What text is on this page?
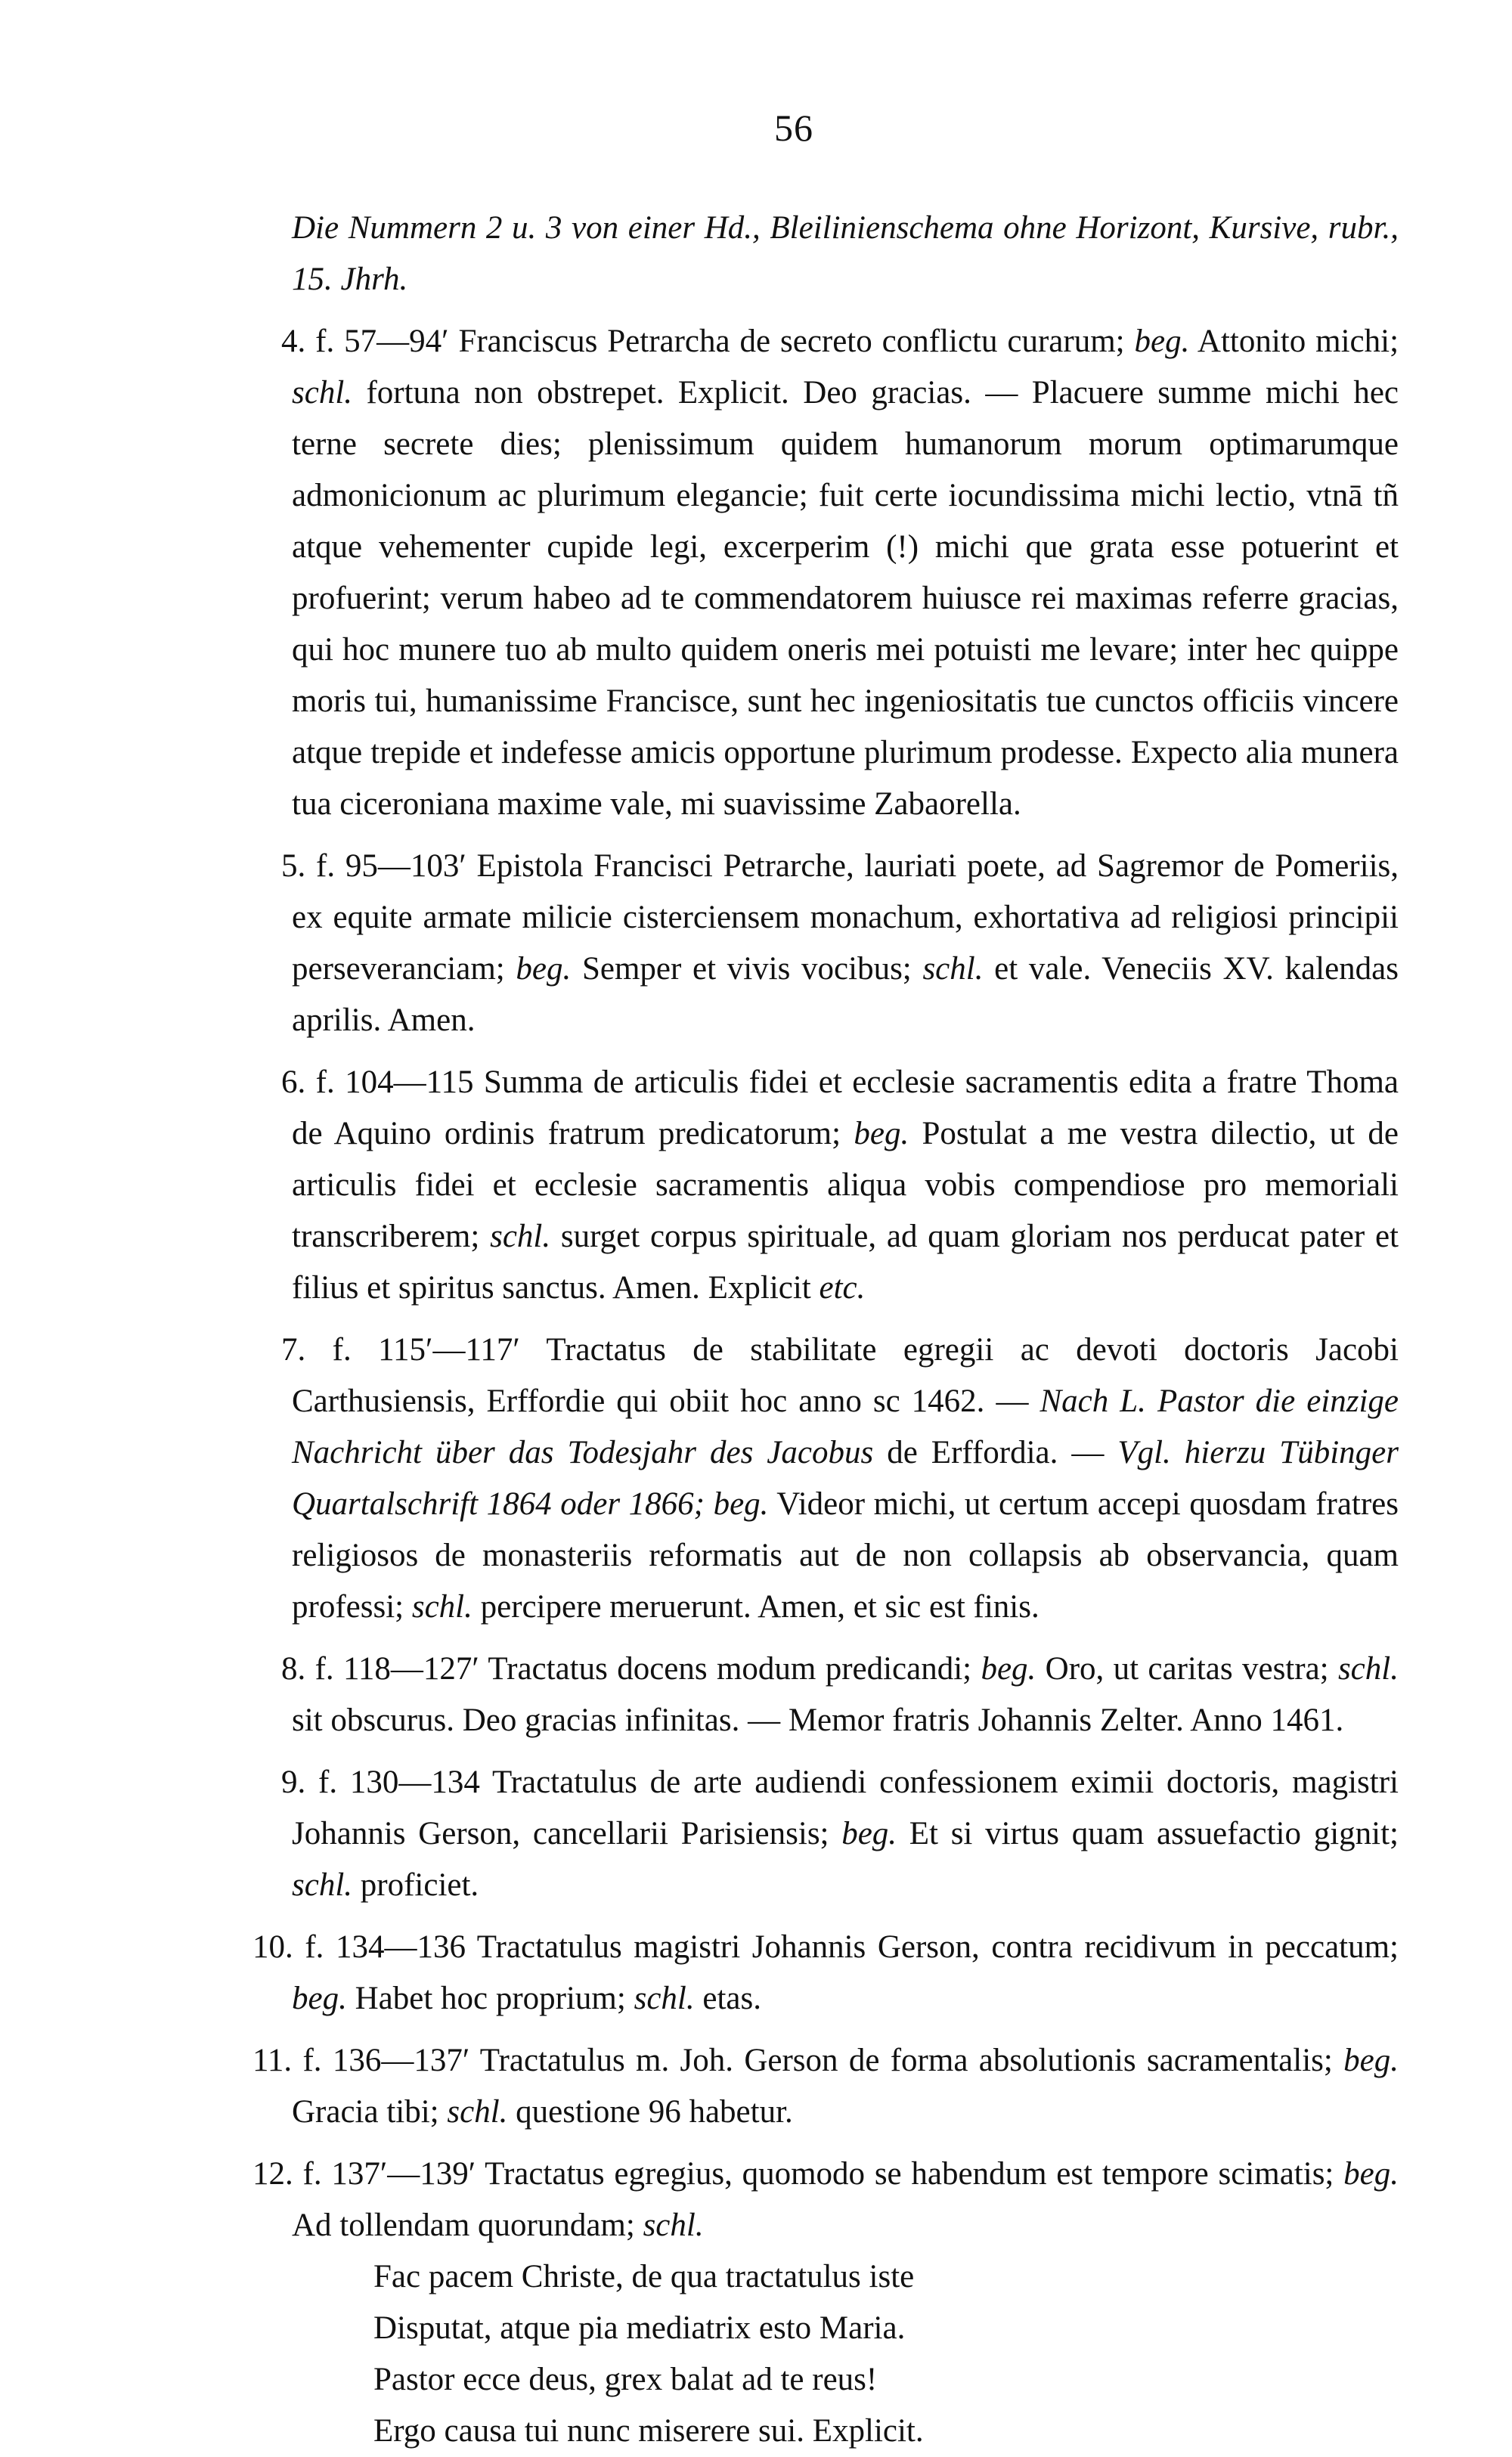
56

Die Nummern 2 u. 3 von einer Hd., Bleilinienschema ohne Horizont, Kursive, rubr., 15. Jhrh.

4. f. 57—94′ Franciscus Petrarcha de secreto conflictu curarum; beg. Attonito michi; schl. fortuna non obstrepet. Explicit. Deo gracias. — Placuere summe michi hec terne secrete dies; plenissimum quidem humanorum morum optimarumque admonicionum ac plurimum elegancie; fuit certe iocundissima michi lectio, vtnā tñ atque vehementer cupide legi, excerperim (!) michi que grata esse potuerint et profuerint; verum habeo ad te commendatorem huiusce rei maximas referre gracias, qui hoc munere tuo ab multo quidem oneris mei potuisti me levare; inter hec quippe moris tui, humanissime Francisce, sunt hec ingeniositatis tue cunctos officiis vincere atque trepide et indefesse amicis opportune plurimum prodesse. Expecto alia munera tua ciceroniana maxime vale, mi suavissime Zabaorella.

5. f. 95—103′ Epistola Francisci Petrarche, lauriati poete, ad Sagremor de Pomeriis, ex equite armate milicie cisterciensem monachum, exhortativa ad religiosi principii perseveranciam; beg. Semper et vivis vocibus; schl. et vale. Veneciis XV. kalendas aprilis. Amen.

6. f. 104—115 Summa de articulis fidei et ecclesie sacramentis edita a fratre Thoma de Aquino ordinis fratrum predicatorum; beg. Postulat a me vestra dilectio, ut de articulis fidei et ecclesie sacramentis aliqua vobis compendiose pro memoriali transcriberem; schl. surget corpus spirituale, ad quam gloriam nos perducat pater et filius et spiritus sanctus. Amen. Explicit etc.

7. f. 115′—117′ Tractatus de stabilitate egregii ac devoti doctoris Jacobi Carthusiensis, Erffordie qui obiit hoc anno sc 1462. — Nach L. Pastor die einzige Nachricht über das Todesjahr des Jacobus de Erffordia. — Vgl. hierzu Tübinger Quartalschrift 1864 oder 1866; beg. Videor michi, ut certum accepi quosdam fratres religiosos de monasteriis reformatis aut de non collapsis ab observancia, quam professi; schl. percipere meruerunt. Amen, et sic est finis.

8. f. 118—127′ Tractatus docens modum predicandi; beg. Oro, ut caritas vestra; schl. sit obscurus. Deo gracias infinitas. — Memor fratris Johannis Zelter. Anno 1461.

9. f. 130—134 Tractatulus de arte audiendi confessionem eximii doctoris, magistri Johannis Gerson, cancellarii Parisiensis; beg. Et si virtus quam assuefactio gignit; schl. proficiet.

10. f. 134—136 Tractatulus magistri Johannis Gerson, contra recidivum in peccatum; beg. Habet hoc proprium; schl. etas.

11. f. 136—137′ Tractatulus m. Joh. Gerson de forma absolutionis sacramentalis; beg. Gracia tibi; schl. questione 96 habetur.

12. f. 137′—139′ Tractatus egregius, quomodo se habendum est tempore scimatis; beg. Ad tollendam quorundam; schl.

Fac pacem Christe, de qua tractatulus iste
Disputat, atque pia mediatrix esto Maria.
Pastor ecce deus, grex balat ad te reus!
Ergo causa tui nunc miserere sui. Explicit.
